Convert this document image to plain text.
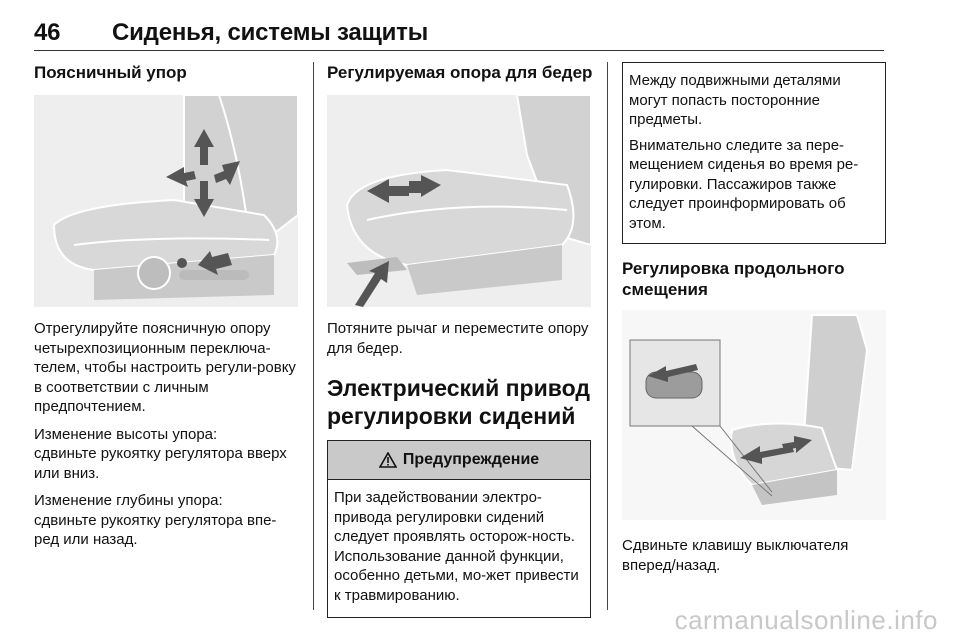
46	Сиденья, системы защиты
Поясничный упор

Отрегулируйте поясничную опору четырехпозиционным переключа-телем, чтобы настроить регули-ровку в соответствии с личным предпочтением.

Изменение высоты упора:
сдвиньте рукоятку регулятора вверх или вниз.

Изменение глубины упора:
сдвиньте рукоятку регулятора впе-ред или назад.

Регулируемая опора для бедер

Потяните рычаг и переместите опору для бедер.

Электрический привод регулировки сидений
Предупреждение

При задействовании электро-привода регулировки сидений следует проявлять осторож-ность. Использование данной функции, особенно детьми, мо-жет привести к травмированию.

Между подвижными деталями могут попасть посторонние предметы.

Внимательно следите за пере-мещением сиденья во время ре-гулировки. Пассажиров также следует проинформировать об этом.

Регулировка продольного смещения

Сдвиньте клавишу выключателя вперед/назад.

carmanualsonline.info
